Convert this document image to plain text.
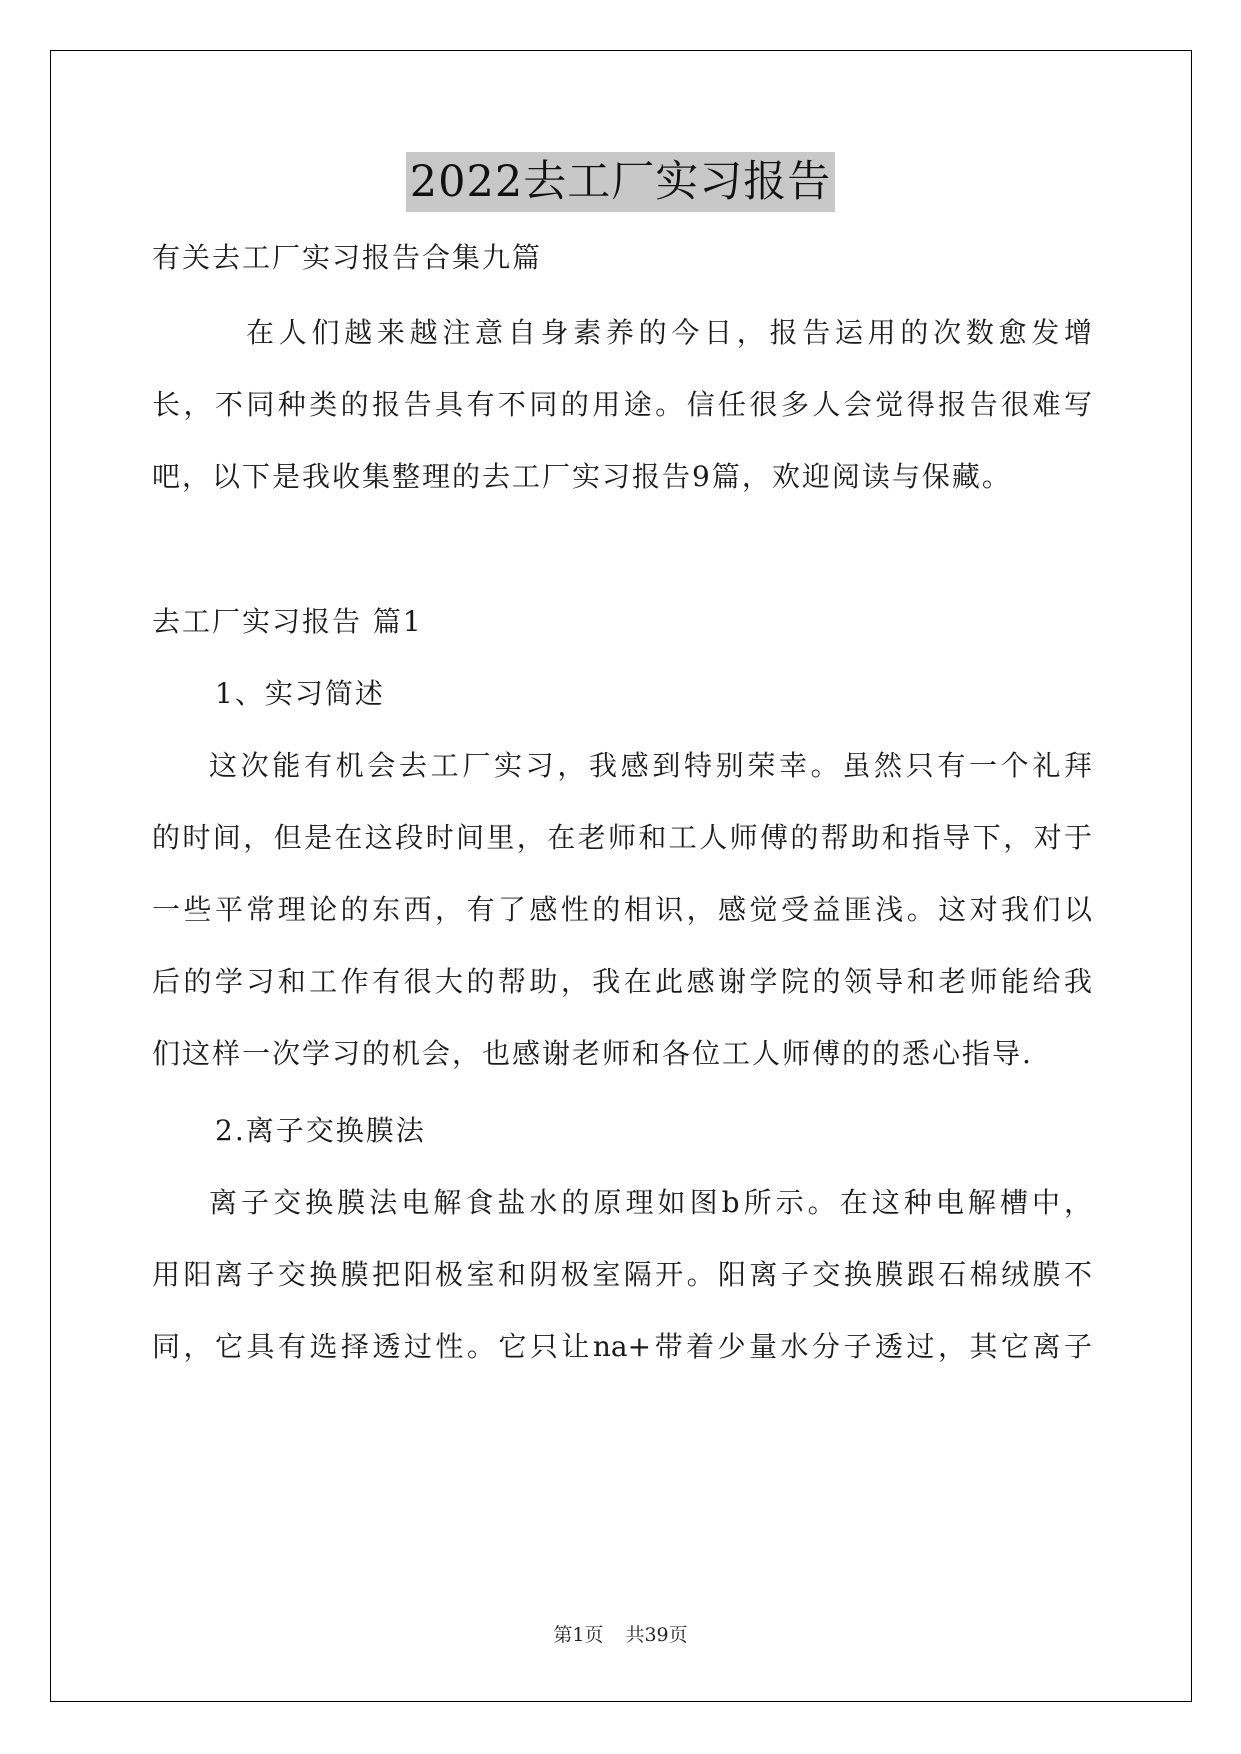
2022去工厂实习报告
有关去工厂实习报告合集九篇
在人们越来越注意自身素养的今日，报告运用的次数愈发增
长，不同种类的报告具有不同的用途。信任很多人会觉得报告很难写
吧，以下是我收集整理的去工厂实习报告9篇，欢迎阅读与保藏。
去工厂实习报告 篇1
1、实习简述
这次能有机会去工厂实习，我感到特别荣幸。虽然只有一个礼拜
的时间，但是在这段时间里，在老师和工人师傅的帮助和指导下，对于
一些平常理论的东西，有了感性的相识，感觉受益匪浅。这对我们以
后的学习和工作有很大的帮助，我在此感谢学院的领导和老师能给我
们这样一次学习的机会，也感谢老师和各位工人师傅的的悉心指导.
2.离子交换膜法
离子交换膜法电解食盐水的原理如图b所示。在这种电解槽中，
用阳离子交换膜把阳极室和阴极室隔开。阳离子交换膜跟石棉绒膜不
同，它具有选择透过性。它只让na+带着少量水分子透过，其它离子
第1页 共39页
